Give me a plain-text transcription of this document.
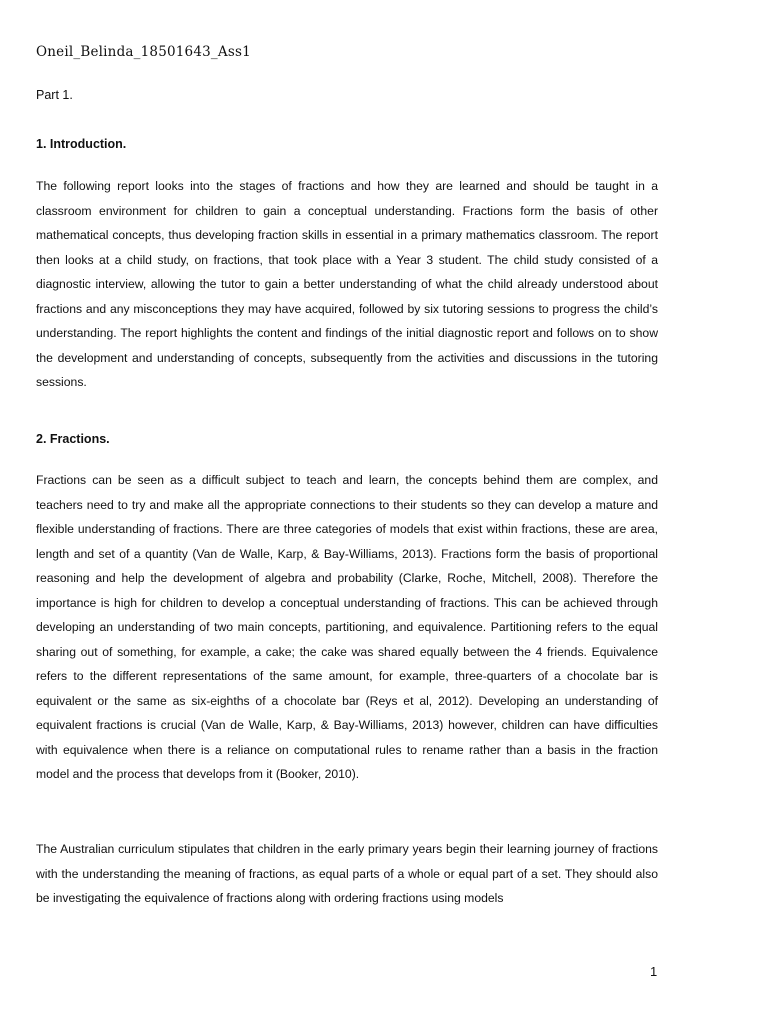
Oneil_Belinda_18501643_Ass1
Part 1.
1. Introduction.

The following report looks into the stages of fractions and how they are learned and should be taught in a classroom environment for children to gain a conceptual understanding. Fractions form the basis of other mathematical concepts, thus developing fraction skills in essential in a primary mathematics classroom. The report then looks at a child study, on fractions, that took place with a Year 3 student. The child study consisted of a diagnostic interview, allowing the tutor to gain a better understanding of what the child already understood about fractions and any misconceptions they may have acquired, followed by six tutoring sessions to progress the child’s understanding. The report highlights the content and findings of the initial diagnostic report and follows on to show the development and understanding of concepts, subsequently from the activities and discussions in the tutoring sessions.

2. Fractions.

Fractions can be seen as a difficult subject to teach and learn, the concepts behind them are complex, and teachers need to try and make all the appropriate connections to their students so they can develop a mature and flexible understanding of fractions. There are three categories of models that exist within fractions, these are area, length and set of a quantity (Van de Walle, Karp, & Bay-Williams, 2013). Fractions form the basis of proportional reasoning and help the development of algebra and probability (Clarke, Roche, Mitchell, 2008). Therefore the importance is high for children to develop a conceptual understanding of fractions. This can be achieved through developing an understanding of two main concepts, partitioning, and equivalence. Partitioning refers to the equal sharing out of something, for example, a cake; the cake was shared equally between the 4 friends. Equivalence refers to the different representations of the same amount, for example, three-quarters of a chocolate bar is equivalent or the same as six-eighths of a chocolate bar (Reys et al, 2012). Developing an understanding of equivalent fractions is crucial (Van de Walle, Karp, & Bay-Williams, 2013) however, children can have difficulties with equivalence when there is a reliance on computational rules to rename rather than a basis in the fraction model and the process that develops from it (Booker, 2010).

The Australian curriculum stipulates that children in the early primary years begin their learning journey of fractions with the understanding the meaning of fractions, as equal parts of a whole or equal part of a set. They should also be investigating the equivalence of fractions along with ordering fractions using models

1
